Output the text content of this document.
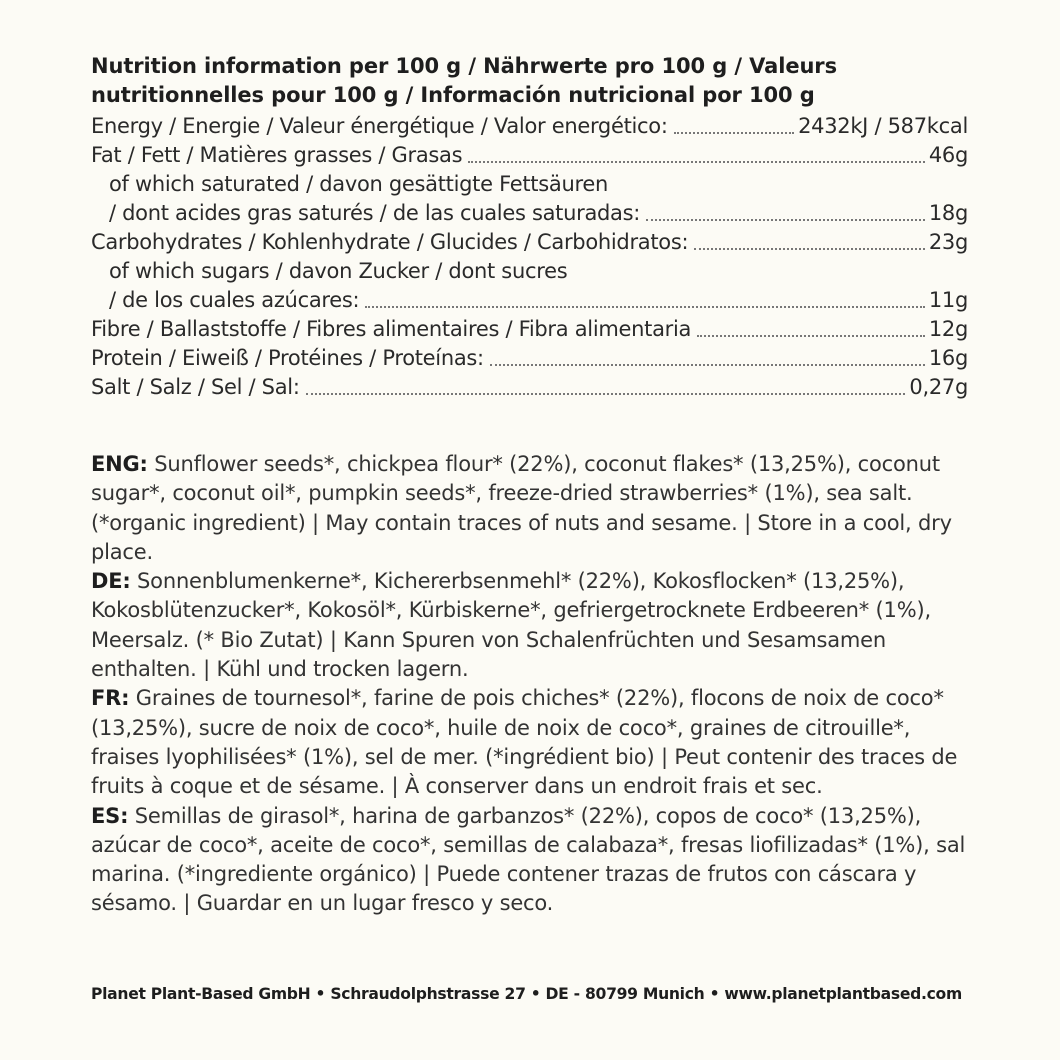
Nutrition information per 100 g / Nährwerte pro 100 g / Valeurs
nutritionnelles pour 100 g / Información nutricional por 100 g
Energy / Energie / Valeur énergétique / Valor energético:	2432kJ / 587kcal
Fat / Fett / Matières grasses / Grasas	46g
of which saturated / davon gesättigte Fettsäuren
/ dont acides gras saturés / de las cuales saturadas:	18g
Carbohydrates / Kohlenhydrate / Glucides / Carbohidratos:	23g
of which sugars / davon Zucker / dont sucres
/ de los cuales azúcares:	11g
Fibre / Ballaststoffe / Fibres alimentaires / Fibra alimentaria	12g
Protein / Eiweiß / Protéines / Proteínas:	16g
Salt / Salz / Sel / Sal:	0,27g

ENG: Sunflower seeds*, chickpea flour* (22%), coconut flakes* (13,25%), coconut sugar*, coconut oil*, pumpkin seeds*, freeze-dried strawberries* (1%), sea salt. (*organic ingredient) | May contain traces of nuts and sesame. | Store in a cool, dry place.

DE: Sonnenblumenkerne*, Kichererbsenmehl* (22%), Kokosflocken* (13,25%), Kokosblütenzucker*, Kokosöl*, Kürbiskerne*, gefriergetrocknete Erdbeeren* (1%), Meersalz. (* Bio Zutat) | Kann Spuren von Schalenfrüchten und Sesamsamen enthalten. | Kühl und trocken lagern.

FR: Graines de tournesol*, farine de pois chiches* (22%), flocons de noix de coco* (13,25%), sucre de noix de coco*, huile de noix de coco*, graines de citrouille*, fraises lyophilisées* (1%), sel de mer. (*ingrédient bio) | Peut contenir des traces de fruits à coque et de sésame. | À conserver dans un endroit frais et sec.

ES: Semillas de girasol*, harina de garbanzos* (22%), copos de coco* (13,25%), azúcar de coco*, aceite de coco*, semillas de calabaza*, fresas liofilizadas* (1%), sal marina. (*ingrediente orgánico) | Puede contener trazas de frutos con cáscara y sésamo. | Guardar en un lugar fresco y seco.

Planet Plant-Based GmbH • Schraudolphstrasse 27 • DE - 80799 Munich • www.planetplantbased.com
